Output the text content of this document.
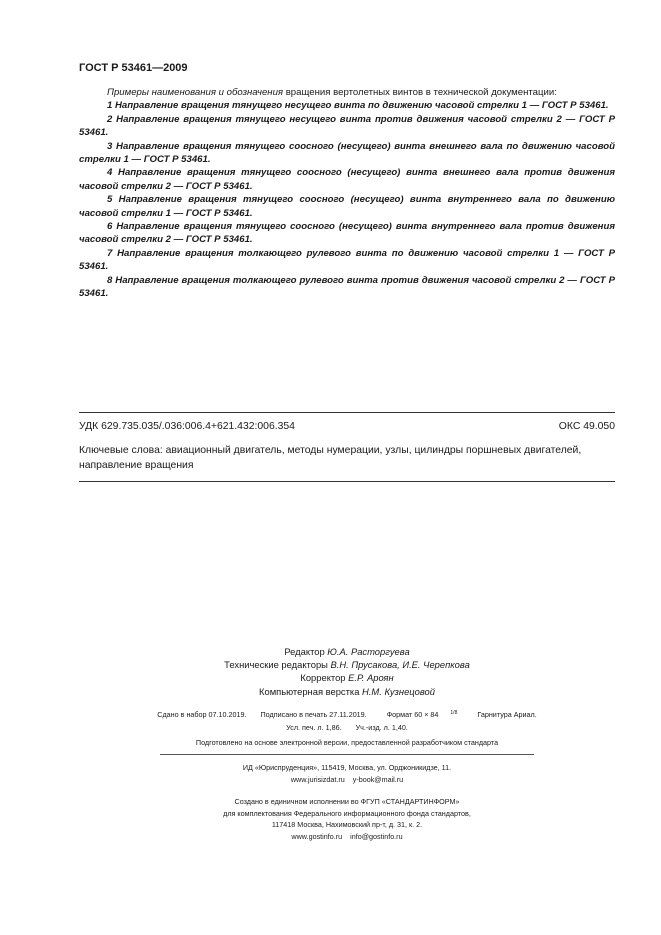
ГОСТ Р 53461—2009

Примеры наименования и обозначения вращения вертолетных винтов в технической документации:

1 Направление вращения тянущего несущего винта по движению часовой стрелки 1 — ГОСТ Р 53461.

2 Направление вращения тянущего несущего винта против движения часовой стрелки 2 — ГОСТ Р 53461.

3 Направление вращения тянущего соосного (несущего) винта внешнего вала по движению часовой стрелки 1 — ГОСТ Р 53461.

4 Направление вращения тянущего соосного (несущего) винта внешнего вала против движения часовой стрелки 2 — ГОСТ Р 53461.

5 Направление вращения тянущего соосного (несущего) винта внутреннего вала по движению часовой стрелки 1 — ГОСТ Р 53461.

6 Направление вращения тянущего соосного (несущего) винта внутреннего вала против движения часовой стрелки 2 — ГОСТ Р 53461.

7 Направление вращения толкающего рулевого винта по движению часовой стрелки 1 — ГОСТ Р 53461.

8 Направление вращения толкающего рулевого винта против движения часовой стрелки 2 — ГОСТ Р 53461.

УДК 629.735.035/.036:006.4+621.432:006.354	ОКС 49.050
Ключевые слова: авиационный двигатель, методы нумерации, узлы, цилиндры поршневых двигателей, направление вращения
Редактор Ю.А. Расторгуева
Технические редакторы В.Н. Прусакова, И.Е. Черепкова
Корректор Е.Р. Ароян
Компьютерная верстка Н.М. Кузнецовой
Сдано в набор 07.10.2019. Подписано в печать 27.11.2019.	Формат 60 × 84 1/8	Гарнитура Ариал.
Усл. печ. л. 1,86. Уч.-изд. л. 1,40.
Подготовлено на основе электронной версии, предоставленной разработчиком стандарта
ИД «Юриспруденция», 115419, Москва, ул. Орджоникидзе, 11.
www.jurisizdat.ru    y-book@mail.ru
Создано в единичном исполнении во ФГУП «СТАНДАРТИНФОРМ»
для комплектования Федерального информационного фонда стандартов,
117418 Москва, Нахимовский пр-т, д. 31, к. 2.
www.gostinfo.ru    info@gostinfo.ru
